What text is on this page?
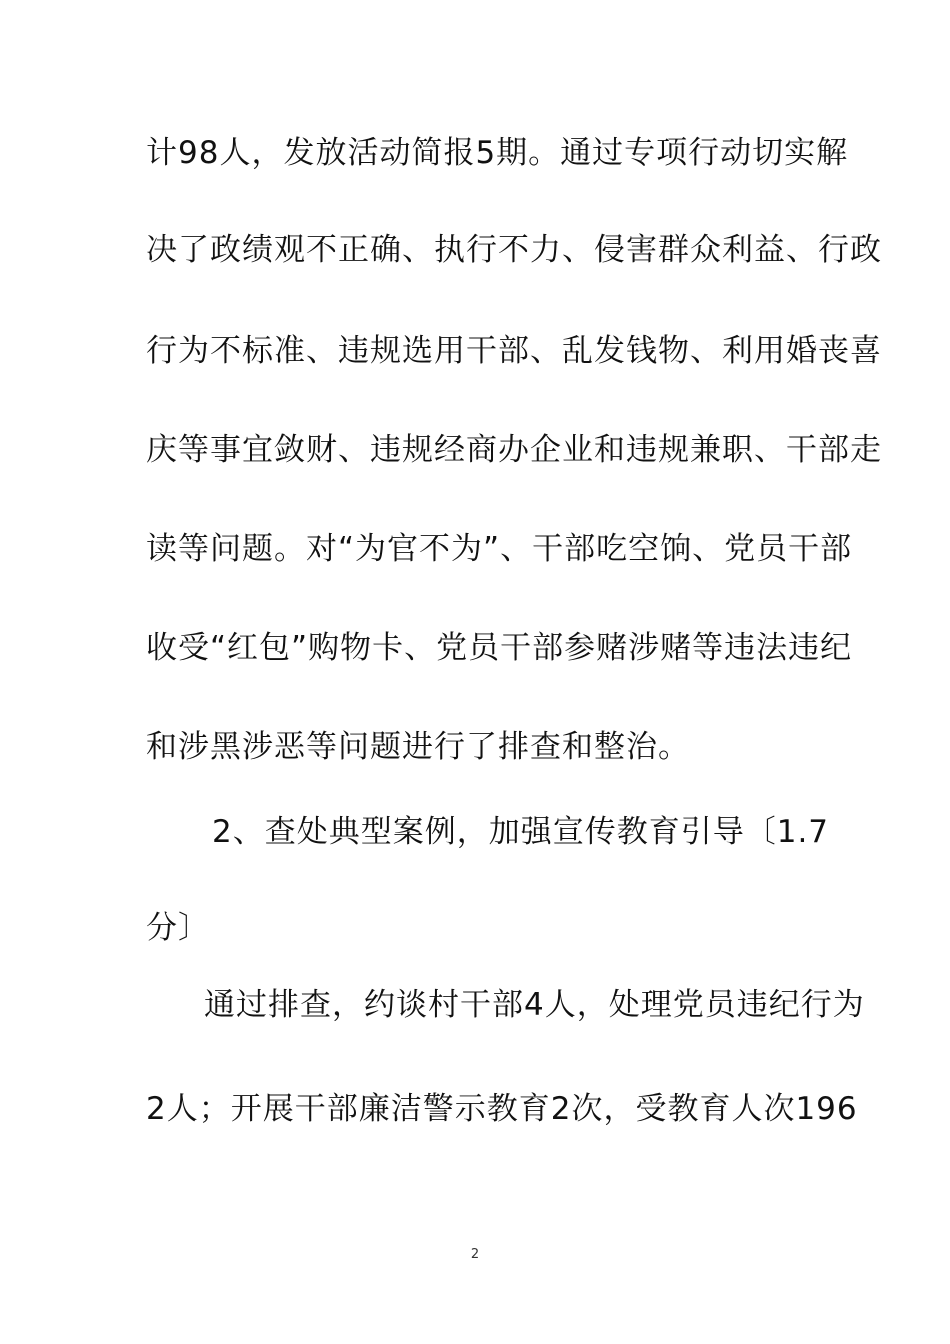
计98人，发放活动简报5期。通过专项行动切实解
决了政绩观不正确、执行不力、侵害群众利益、行政
行为不标准、违规选用干部、乱发钱物、利用婚丧喜
庆等事宜敛财、违规经商办企业和违规兼职、干部走
读等问题。对“为官不为”、干部吃空饷、党员干部
收受“红包”购物卡、党员干部参赌涉赌等违法违纪
和涉黑涉恶等问题进行了排查和整治。
2、查处典型案例，加强宣传教育引导〔1.7
分〕
通过排查，约谈村干部4人，处理党员违纪行为
2人；开展干部廉洁警示教育2次，受教育人次196
2
